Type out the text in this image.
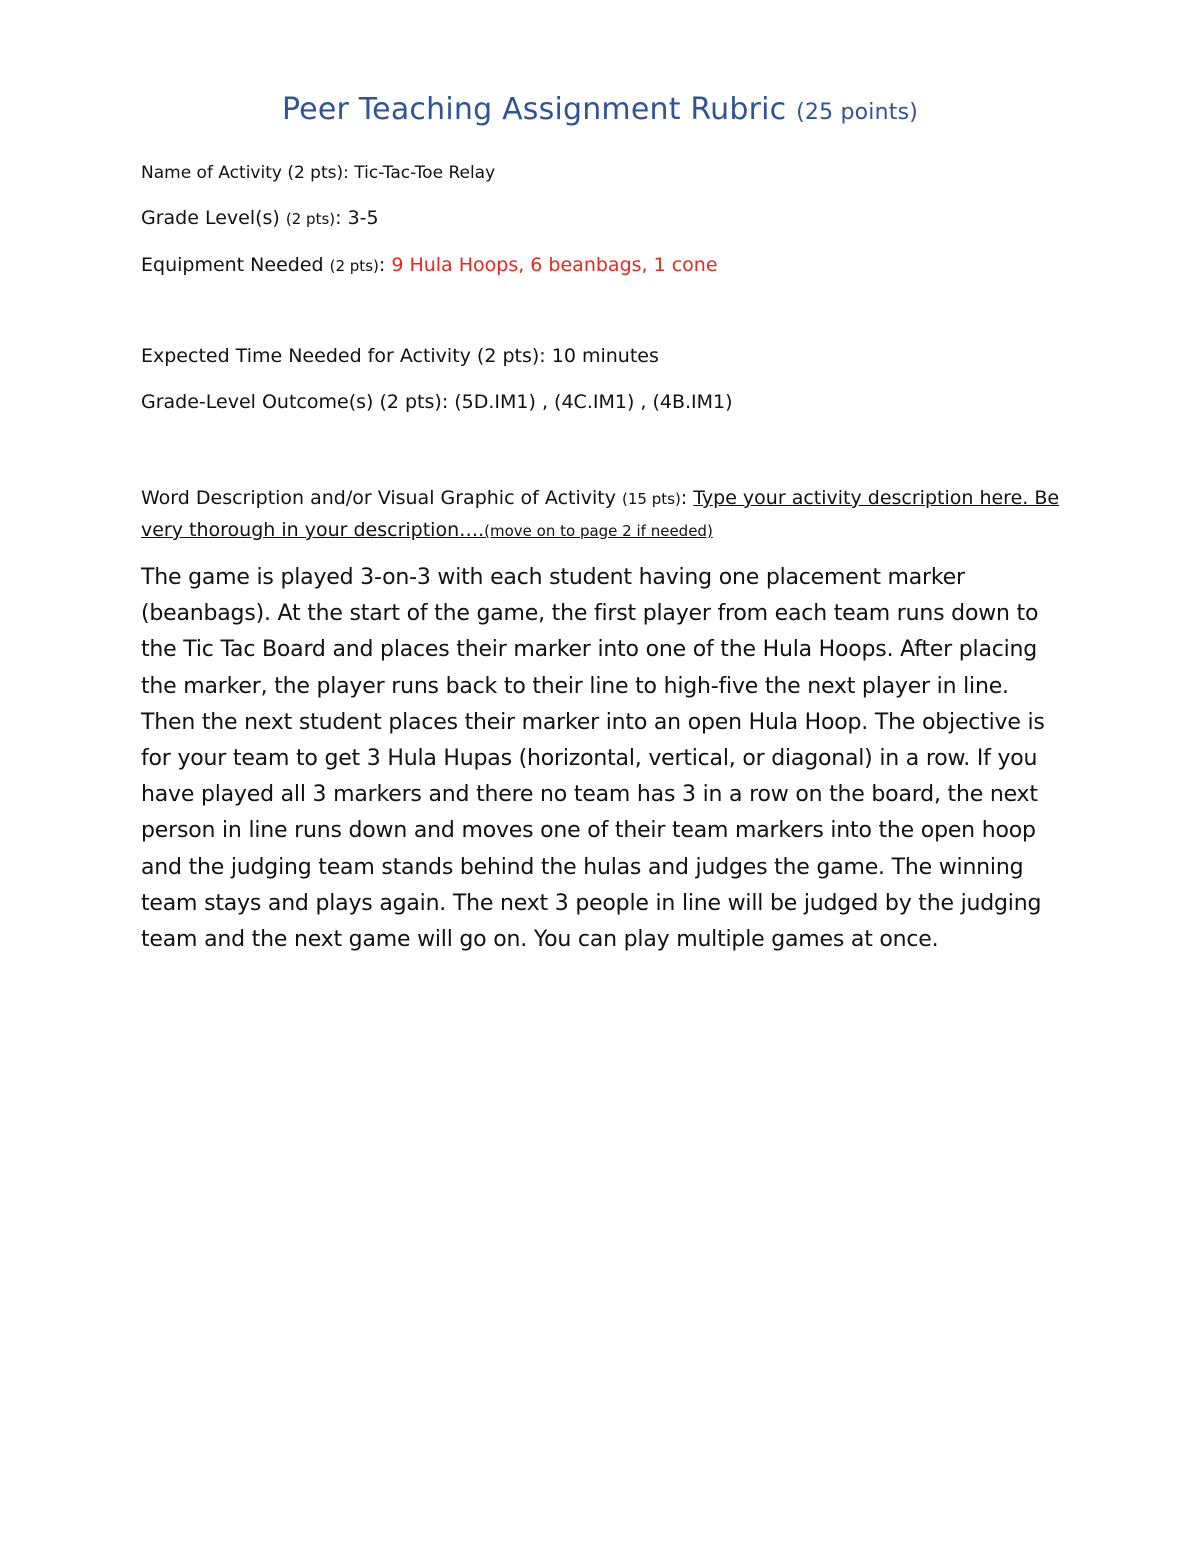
Peer Teaching Assignment Rubric (25 points)
Name of Activity (2 pts): Tic-Tac-Toe Relay
Grade Level(s) (2 pts): 3-5
Equipment Needed (2 pts): 9 Hula Hoops, 6 beanbags, 1 cone
Expected Time Needed for Activity (2 pts): 10 minutes
Grade-Level Outcome(s) (2 pts): (5D.IM1) , (4C.IM1) , (4B.IM1)
Word Description and/or Visual Graphic of Activity (15 pts): Type your activity description here. Be very thorough in your description….(move on to page 2 if needed)
The game is played 3-on-3 with each student having one placement marker (beanbags). At the start of the game, the first player from each team runs down to the Tic Tac Board and places their marker into one of the Hula Hoops. After placing the marker, the player runs back to their line to high-five the next player in line. Then the next student places their marker into an open Hula Hoop. The objective is for your team to get 3 Hula Hupas (horizontal, vertical, or diagonal) in a row. If you have played all 3 markers and there no team has 3 in a row on the board, the next person in line runs down and moves one of their team markers into the open hoop and the judging team stands behind the hulas and judges the game. The winning team stays and plays again. The next 3 people in line will be judged by the judging team and the next game will go on. You can play multiple games at once.
